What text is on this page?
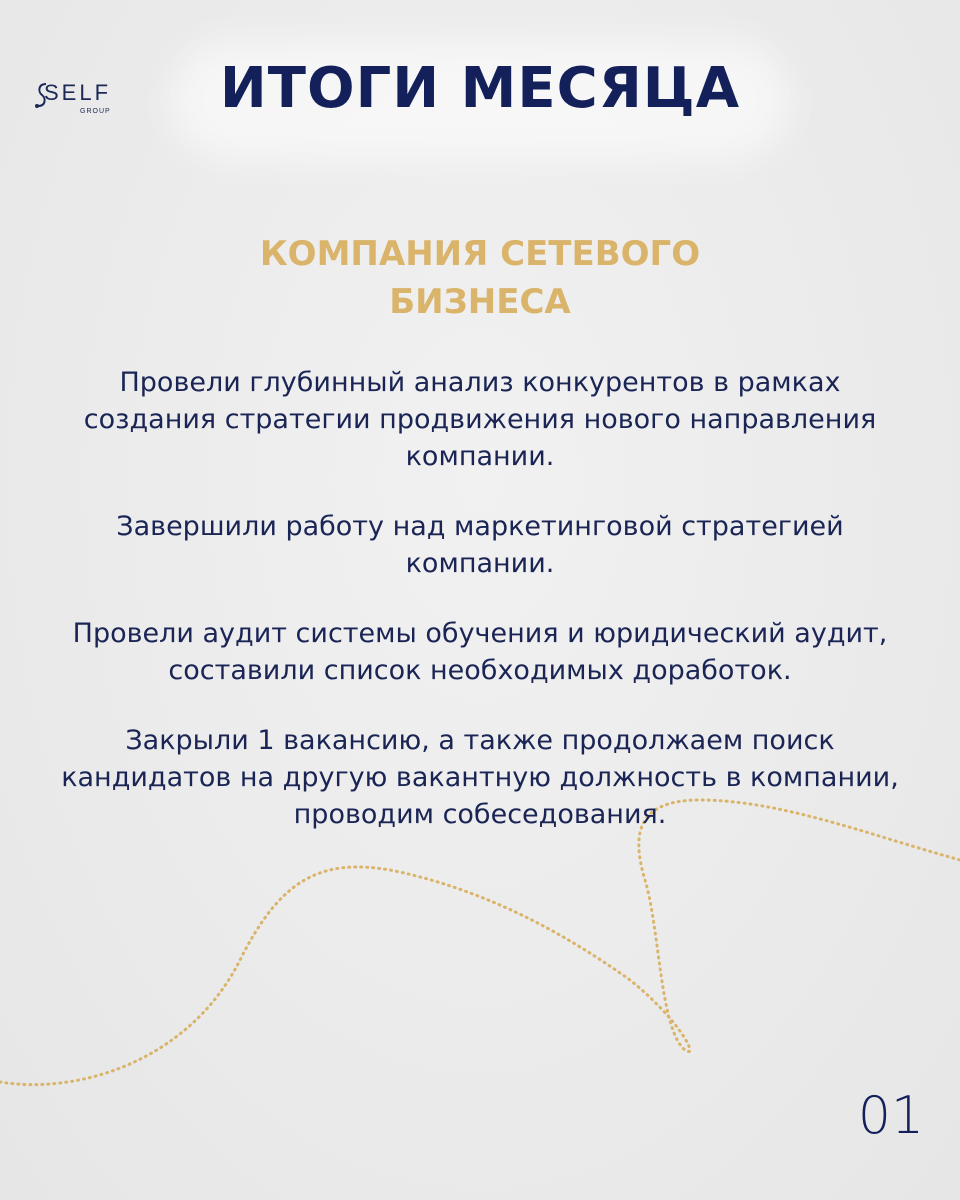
SELF
GROUP	ИТОГИ МЕСЯЦА
КОМПАНИЯ СЕТЕВОГО
БИЗНЕСА

Провели глубинный анализ конкурентов в рамках создания стратегии продвижения нового направления компании.

Завершили работу над маркетинговой стратегией компании.

Провели аудит системы обучения и юридический аудит, составили список необходимых доработок.

Закрыли 1 вакансию, а также продолжаем поиск кандидатов на другую вакантную должность в компании, проводим собеседования.

01
